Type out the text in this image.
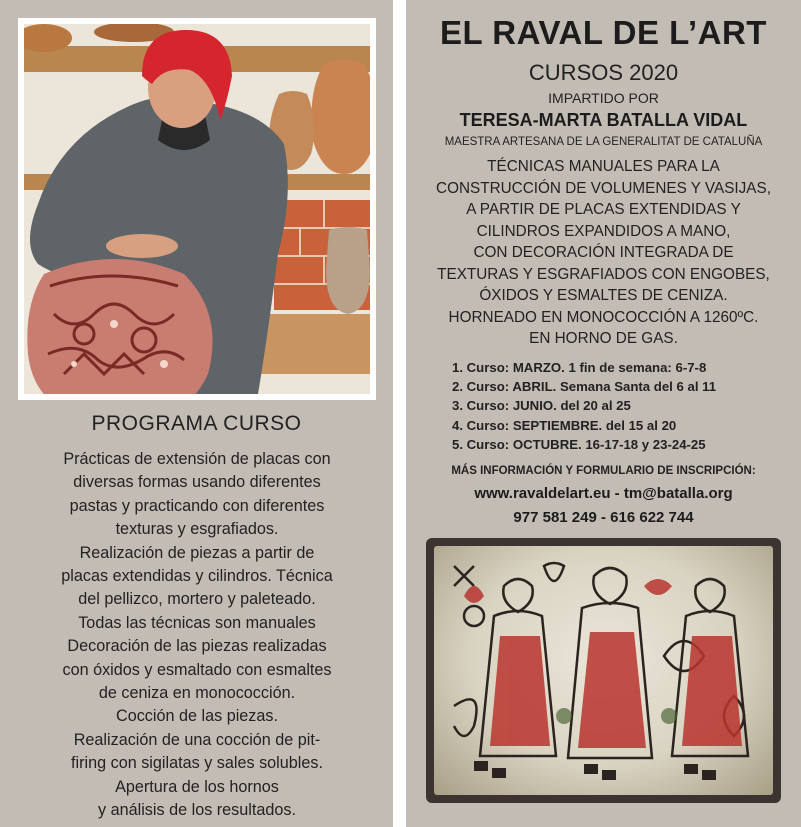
PROGRAMA CURSO
Prácticas de extensión de placas con
diversas formas usando diferentes
pastas y practicando con diferentes
texturas y esgrafiados.
Realización de piezas a partir de
placas extendidas y cilindros. Técnica
del pellizco, mortero y paleteado.
Todas las técnicas son manuales
Decoración de las piezas realizadas
con óxidos y esmaltado con esmaltes
de ceniza en monococción.
Cocción de las piezas.
Realización de una cocción de pit-
firing con sigilatas y sales solubles.
Apertura de los hornos
y análisis de los resultados.
EL RAVAL DE L’ART
CURSOS 2020
IMPARTIDO POR
TERESA-MARTA BATALLA VIDAL
MAESTRA ARTESANA DE LA GENERALITAT DE CATALUÑA
TÉCNICAS MANUALES PARA LA
CONSTRUCCIÓN DE VOLUMENES Y VASIJAS,
A PARTIR DE PLACAS EXTENDIDAS Y
CILINDROS EXPANDIDOS A MANO,
CON DECORACIÓN INTEGRADA DE
TEXTURAS Y ESGRAFIADOS CON ENGOBES,
ÓXIDOS Y ESMALTES DE CENIZA.
HORNEADO EN MONOCOCCIÓN A 1260ºC.
EN HORNO DE GAS.
1. Curso: MARZO. 1 fin de semana: 6-7-8
2. Curso: ABRIL. Semana Santa del 6 al 11
3. Curso: JUNIO. del 20 al 25
4. Curso: SEPTIEMBRE. del 15 al 20
5. Curso: OCTUBRE. 16-17-18 y 23-24-25
MÁS INFORMACIÓN Y FORMULARIO DE INSCRIPCIÓN:
www.ravaldelart.eu - tm@batalla.org
977 581 249 - 616 622 744
